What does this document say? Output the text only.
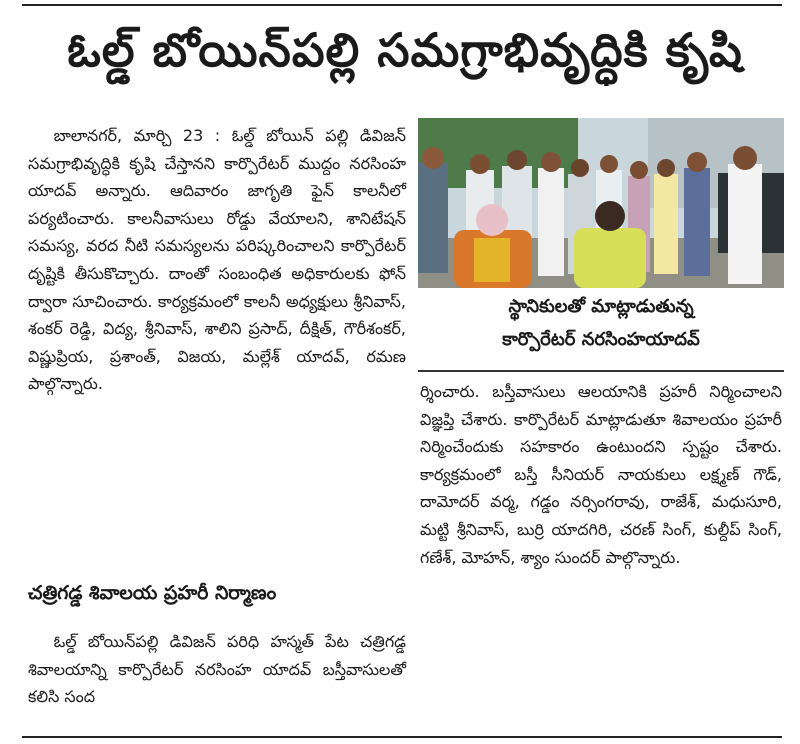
ఓల్డ్ బోయిన్‌పల్లి సమగ్రాభివృద్ధికి కృషి

బాలానగర్, మార్చి 23 : ఓల్డ్ బోయిన్ పల్లి డివిజన్ సమగ్రాభివృద్ధికి కృషి చేస్తానని కార్పొరేటర్ ముద్దం నరసింహ యాదవ్ అన్నారు. ఆదివారం జాగృతి ఫైన్ కాలనీలో పర్యటించారు. కాలనీవాసులు రోడ్డు వేయాలని, శానిటేషన్ సమస్య, వరద నీటి సమస్యలను పరిష్కరించాలని కార్పొరేటర్ దృష్టికి తీసుకొచ్చారు. దాంతో సంబంధిత అధికారులకు ఫోన్ ద్వారా సూచించారు. కార్యక్రమంలో కాలనీ అధ్యక్షులు శ్రీనివాస్, శంకర్ రెడ్డి, విద్య, శ్రీనివాస్, శాలిని ప్రసాద్, దీక్షిత్, గౌరీశంకర్, విష్ణుప్రియ, ప్రశాంత్, విజయ, మల్లేశ్ యాదవ్, రమణ పాల్గొన్నారు.

చత్రిగడ్డ శివాలయ ప్రహరీ నిర్మాణం

ఓల్డ్ బోయిన్‌పల్లి డివిజన్ పరిధి హస్మత్ పేట చత్రిగడ్డ శివాలయాన్ని కార్పొరేటర్ నరసింహ యాదవ్ బస్తీవాసులతో కలిసి సంద

స్థానికులతో మాట్లాడుతున్న
కార్పొరేటర్ నరసింహయాదవ్

ర్శించారు. బస్తీవాసులు ఆలయానికి ప్రహరీ నిర్మించాలని విజ్ఞప్తి చేశారు. కార్పొరేటర్ మాట్లాడుతూ శివాలయం ప్రహరీ నిర్మించేందుకు సహకారం ఉంటుందని స్పష్టం చేశారు. కార్యక్రమంలో బస్తీ సీనియర్ నాయకులు లక్ష్మణ్ గౌడ్, దామోదర్ వర్మ, గడ్డం నర్సింగరావు, రాజేశ్, మధుసూరి, మట్టి శ్రీనివాస్, బుర్రి యాదగిరి, చరణ్ సింగ్, కుల్దీప్ సింగ్, గణేశ్, మోహన్, శ్యాం సుందర్ పాల్గొన్నారు.
